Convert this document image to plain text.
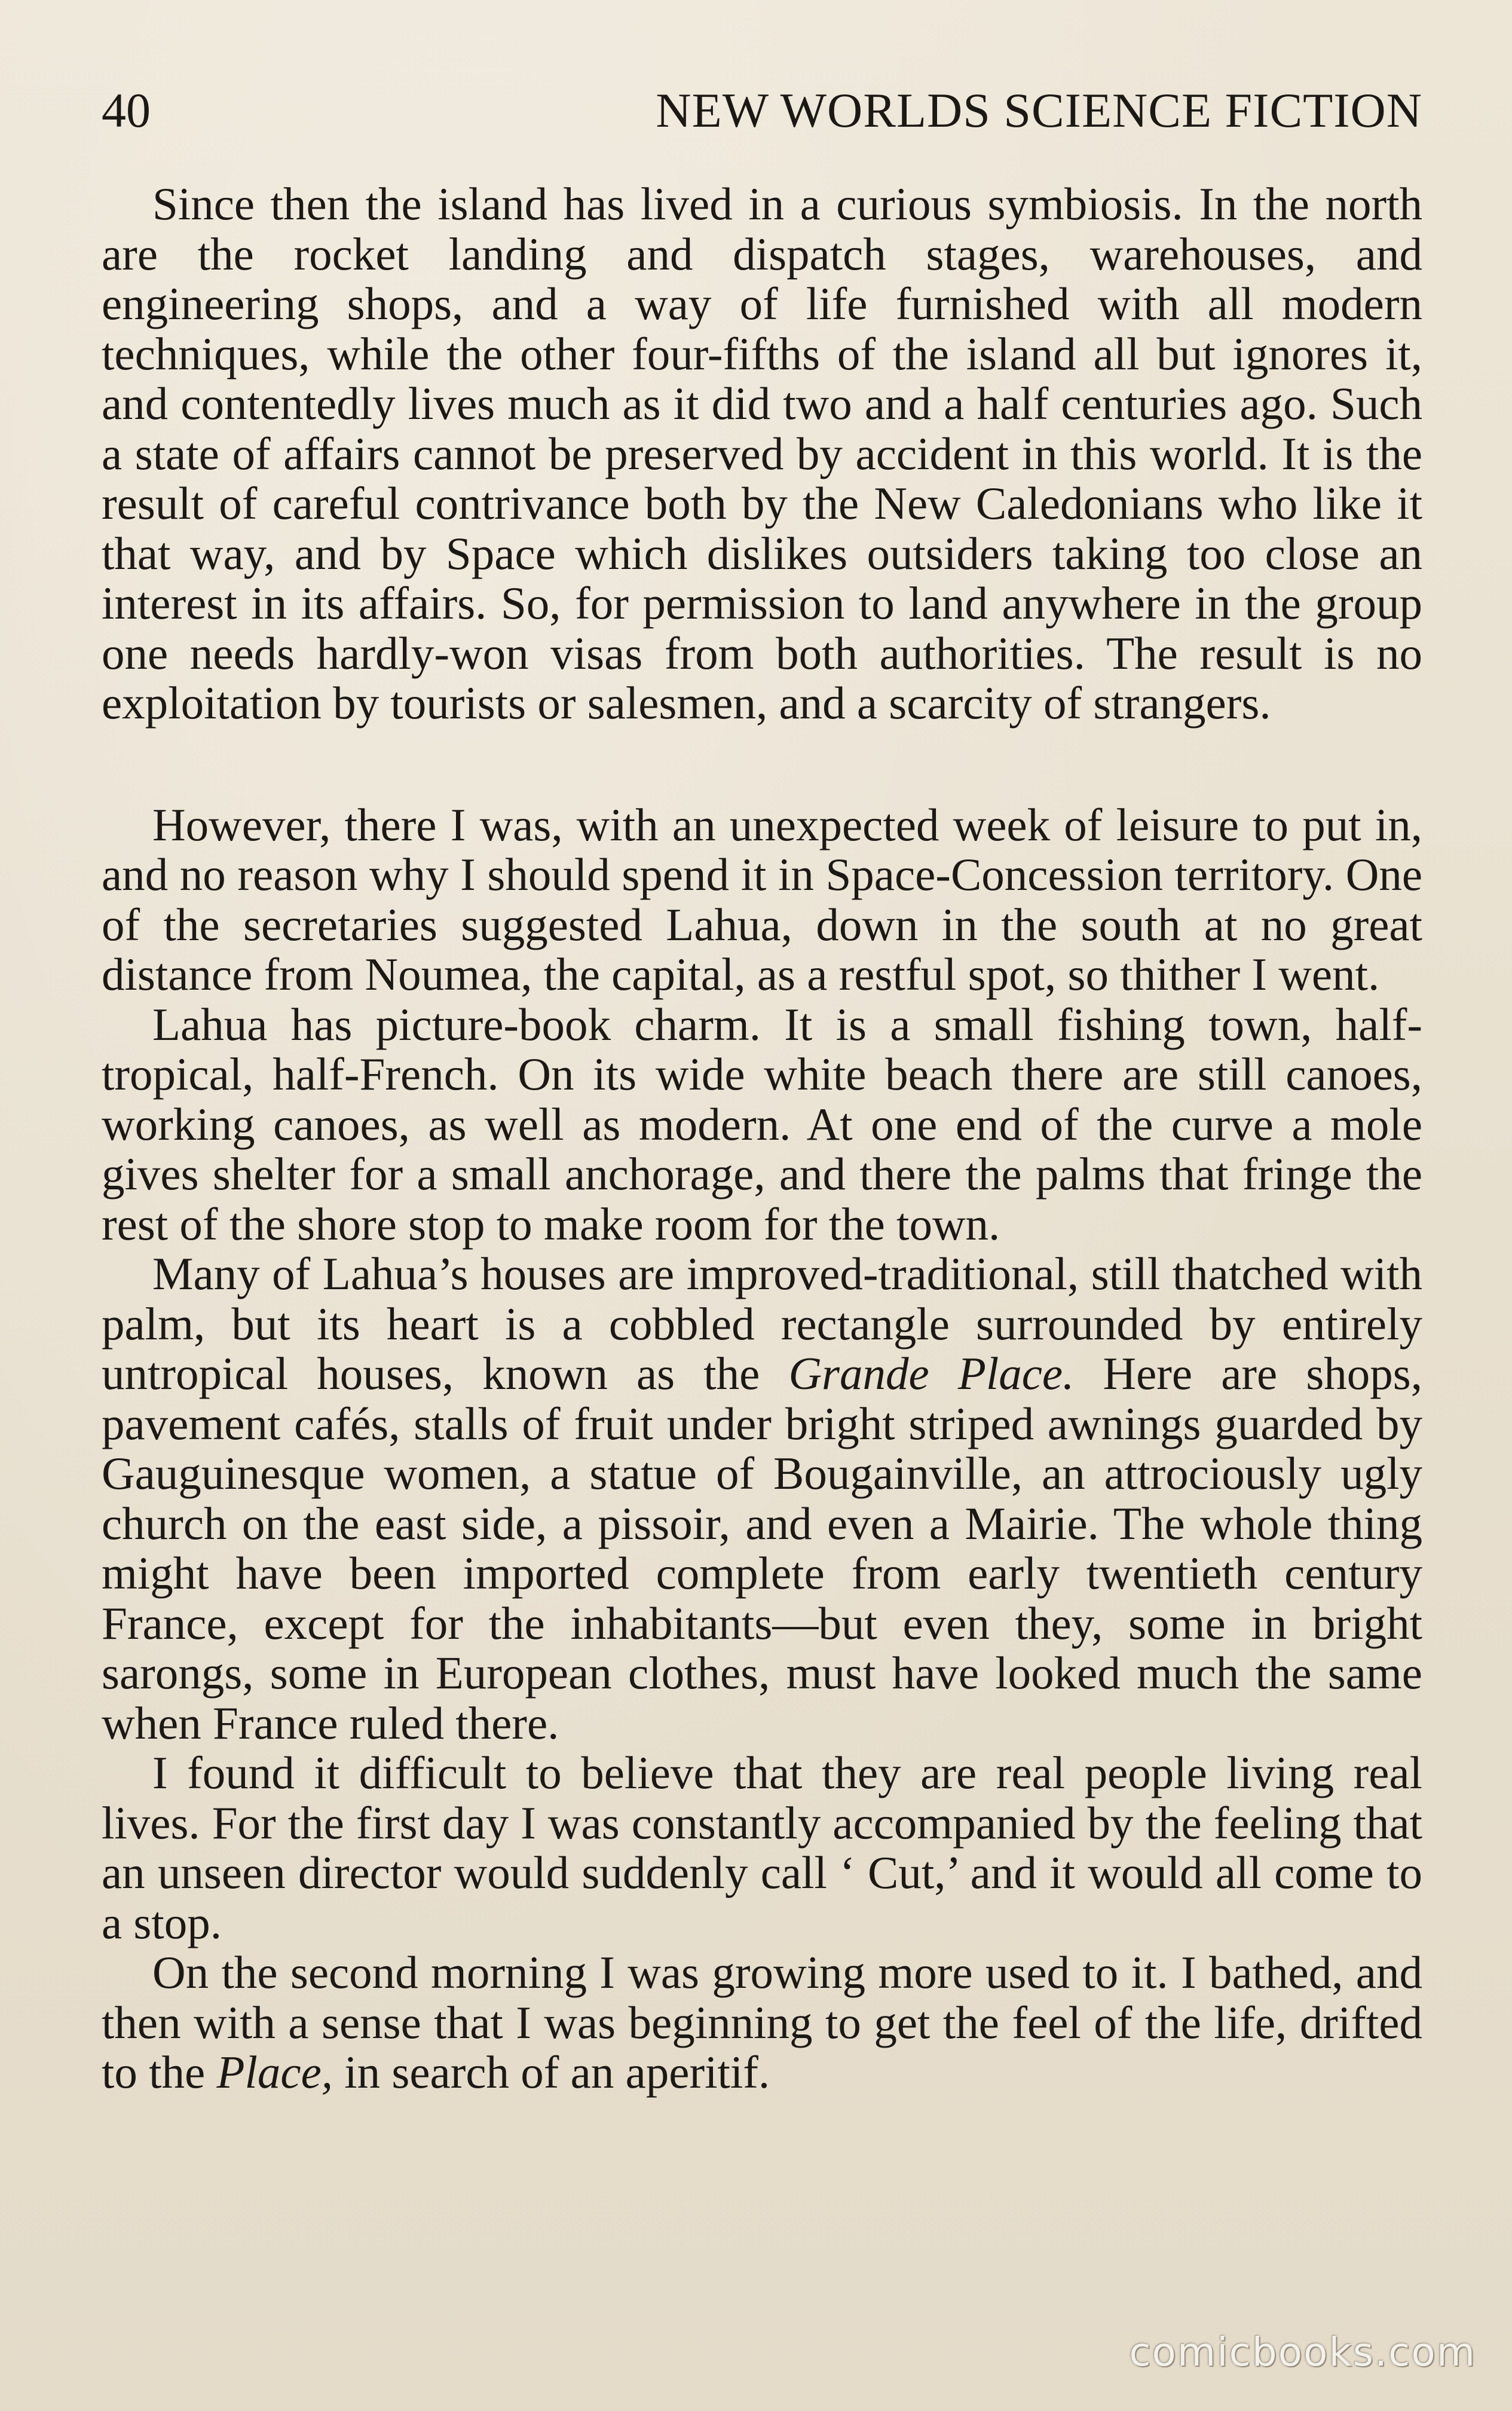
40	NEW WORLDS SCIENCE FICTION

Since then the island has lived in a curious symbiosis. In the north are the rocket landing and dispatch stages, warehouses, and engineering shops, and a way of life furnished with all modern techniques, while the other four-fifths of the island all but ignores it, and contentedly lives much as it did two and a half centuries ago. Such a state of affairs cannot be preserved by accident in this world. It is the result of careful contrivance both by the New Caledonians who like it that way, and by Space which dislikes outsiders taking too close an interest in its affairs. So, for permission to land anywhere in the group one needs hardly-won visas from both authorities. The result is no exploitation by tourists or salesmen, and a scarcity of strangers.

However, there I was, with an unexpected week of leisure to put in, and no reason why I should spend it in Space-Concession territory. One of the secretaries suggested Lahua, down in the south at no great distance from Noumea, the capital, as a restful spot, so thither I went.

Lahua has picture-book charm. It is a small fishing town, half-tropical, half-French. On its wide white beach there are still canoes, working canoes, as well as modern. At one end of the curve a mole gives shelter for a small anchorage, and there the palms that fringe the rest of the shore stop to make room for the town.

Many of Lahua’s houses are improved-traditional, still thatched with palm, but its heart is a cobbled rectangle surrounded by entirely untropical houses, known as the Grande Place. Here are shops, pavement cafés, stalls of fruit under bright striped awnings guarded by Gauguinesque women, a statue of Bougainville, an attrociously ugly church on the east side, a pissoir, and even a Mairie. The whole thing might have been imported complete from early twentieth century France, except for the inhabitants—but even they, some in bright sarongs, some in European clothes, must have looked much the same when France ruled there.

I found it difficult to believe that they are real people living real lives. For the first day I was constantly accompanied by the feeling that an unseen director would suddenly call ‘ Cut,’ and it would all come to a stop.

On the second morning I was growing more used to it. I bathed, and then with a sense that I was beginning to get the feel of the life, drifted to the Place, in search of an aperitif.

comicbooks.com
